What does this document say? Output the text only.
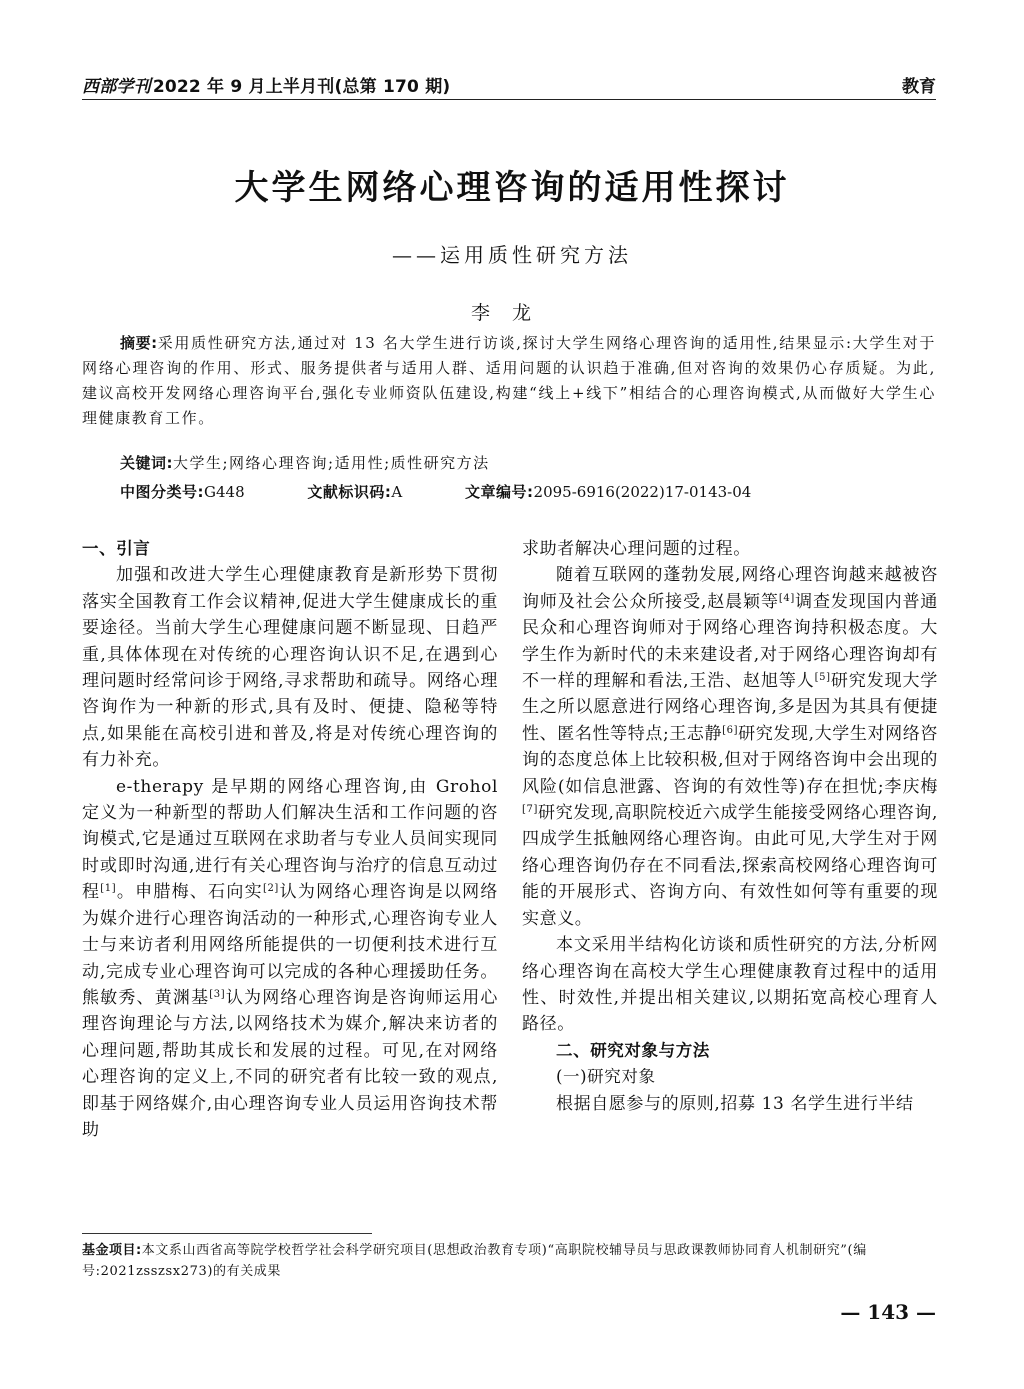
西部学刊 2022 年 9 月上半月刊(总第 170 期)	教育
大学生网络心理咨询的适用性探讨
——运用质性研究方法
李龙

摘要:采用质性研究方法,通过对 13 名大学生进行访谈,探讨大学生网络心理咨询的适用性,结果显示:大学生对于网络心理咨询的作用、形式、服务提供者与适用人群、适用问题的认识趋于准确,但对咨询的效果仍心存质疑。为此,建议高校开发网络心理咨询平台,强化专业师资队伍建设,构建“线上+线下”相结合的心理咨询模式,从而做好大学生心理健康教育工作。

关键词:大学生;网络心理咨询;适用性;质性研究方法
中图分类号:G448	文献标识码:A	文章编号:2095-6916(2022)17-0143-04

一、引言

加强和改进大学生心理健康教育是新形势下贯彻落实全国教育工作会议精神,促进大学生健康成长的重要途径。当前大学生心理健康问题不断显现、日趋严重,具体体现在对传统的心理咨询认识不足,在遇到心理问题时经常问诊于网络,寻求帮助和疏导。网络心理咨询作为一种新的形式,具有及时、便捷、隐秘等特点,如果能在高校引进和普及,将是对传统心理咨询的有力补充。

e-therapy 是早期的网络心理咨询,由 Grohol 定义为一种新型的帮助人们解决生活和工作问题的咨询模式,它是通过互联网在求助者与专业人员间实现同时或即时沟通,进行有关心理咨询与治疗的信息互动过程[1]。申腊梅、石向实[2]认为网络心理咨询是以网络为媒介进行心理咨询活动的一种形式,心理咨询专业人士与来访者利用网络所能提供的一切便利技术进行互动,完成专业心理咨询可以完成的各种心理援助任务。熊敏秀、黄渊基[3]认为网络心理咨询是咨询师运用心理咨询理论与方法,以网络技术为媒介,解决来访者的心理问题,帮助其成长和发展的过程。可见,在对网络心理咨询的定义上,不同的研究者有比较一致的观点,即基于网络媒介,由心理咨询专业人员运用咨询技术帮助

求助者解决心理问题的过程。

随着互联网的蓬勃发展,网络心理咨询越来越被咨询师及社会公众所接受,赵晨颖等[4]调查发现国内普通民众和心理咨询师对于网络心理咨询持积极态度。大学生作为新时代的未来建设者,对于网络心理咨询却有不一样的理解和看法,王浩、赵旭等人[5]研究发现大学生之所以愿意进行网络心理咨询,多是因为其具有便捷性、匿名性等特点;王志静[6]研究发现,大学生对网络咨询的态度总体上比较积极,但对于网络咨询中会出现的风险(如信息泄露、咨询的有效性等)存在担忧;李庆梅[7]研究发现,高职院校近六成学生能接受网络心理咨询,四成学生抵触网络心理咨询。由此可见,大学生对于网络心理咨询仍存在不同看法,探索高校网络心理咨询可能的开展形式、咨询方向、有效性如何等有重要的现实意义。

本文采用半结构化访谈和质性研究的方法,分析网络心理咨询在高校大学生心理健康教育过程中的适用性、时效性,并提出相关建议,以期拓宽高校心理育人路径。

二、研究对象与方法

(一)研究对象

根据自愿参与的原则,招募 13 名学生进行半结

基金项目:本文系山西省高等院学校哲学社会科学研究项目(思想政治教育专项)“高职院校辅导员与思政课教师协同育人机制研究”(编号:2021zsszsx273)的有关成果
— 143 —
